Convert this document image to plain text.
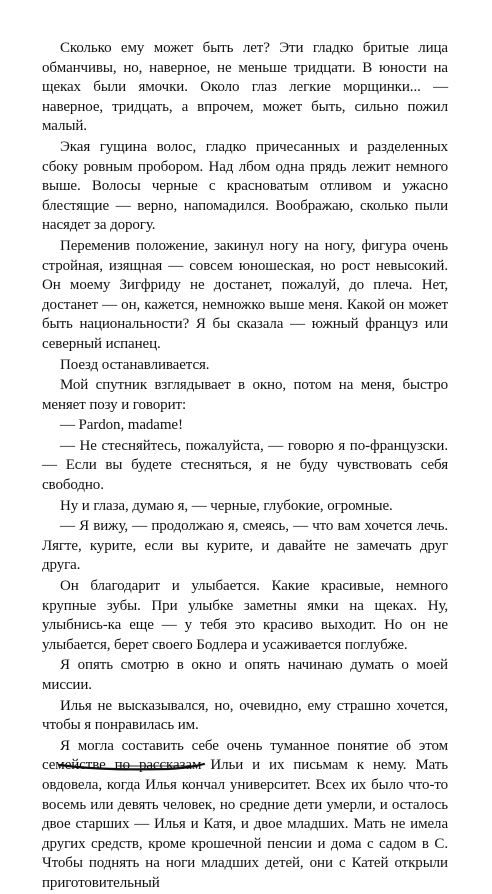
Сколько ему может быть лет? Эти гладко бритые лица обманчивы, но, наверное, не меньше тридцати. В юности на щеках были ямочки. Около глаз легкие морщинки... — наверное, тридцать, а впрочем, может быть, сильно пожил малый.

Экая гущина волос, гладко причесанных и разделенных сбоку ровным пробором. Над лбом одна прядь лежит немного выше. Волосы черные с красноватым отливом и ужасно блестящие — верно, напомадился. Воображаю, сколько пыли насядет за дорогу.

Переменив положение, закинул ногу на ногу, фигура очень стройная, изящная — совсем юношеская, но рост невысокий. Он моему Зигфриду не достанет, пожалуй, до плеча. Нет, достанет — он, кажется, немножко выше меня. Какой он может быть национальности? Я бы сказала — южный француз или северный испанец.

Поезд останавливается.

Мой спутник взглядывает в окно, потом на меня, быстро меняет позу и говорит:

— Pardon, madame!

— Не стесняйтесь, пожалуйста, — говорю я по-французски. — Если вы будете стесняться, я не буду чувствовать себя свободно.

Ну и глаза, думаю я, — черные, глубокие, огромные.

— Я вижу, — продолжаю я, смеясь, — что вам хочется лечь. Лягте, курите, если вы курите, и давайте не замечать друг друга.

Он благодарит и улыбается. Какие красивые, немного крупные зубы. При улыбке заметны ямки на щеках. Ну, улыбнись-ка еще — у тебя это красиво выходит. Но он не улыбается, берет своего Бодлера и усаживается поглубже.

Я опять смотрю в окно и опять начинаю думать о моей миссии.

Илья не высказывался, но, очевидно, ему страшно хочется, чтобы я понравилась им.

Я могла составить себе очень туманное понятие об этом семействе по рассказам Ильи и их письмам к нему. Мать овдовела, когда Илья кончал университет. Всех их было что-то восемь или девять человек, но средние дети умерли, и осталось двое старших — Илья и Катя, и двое младших. Мать не имела других средств, кроме крошечной пенсии и дома с садом в С. Чтобы поднять на ноги младших детей, они с Катей открыли приготовительный
